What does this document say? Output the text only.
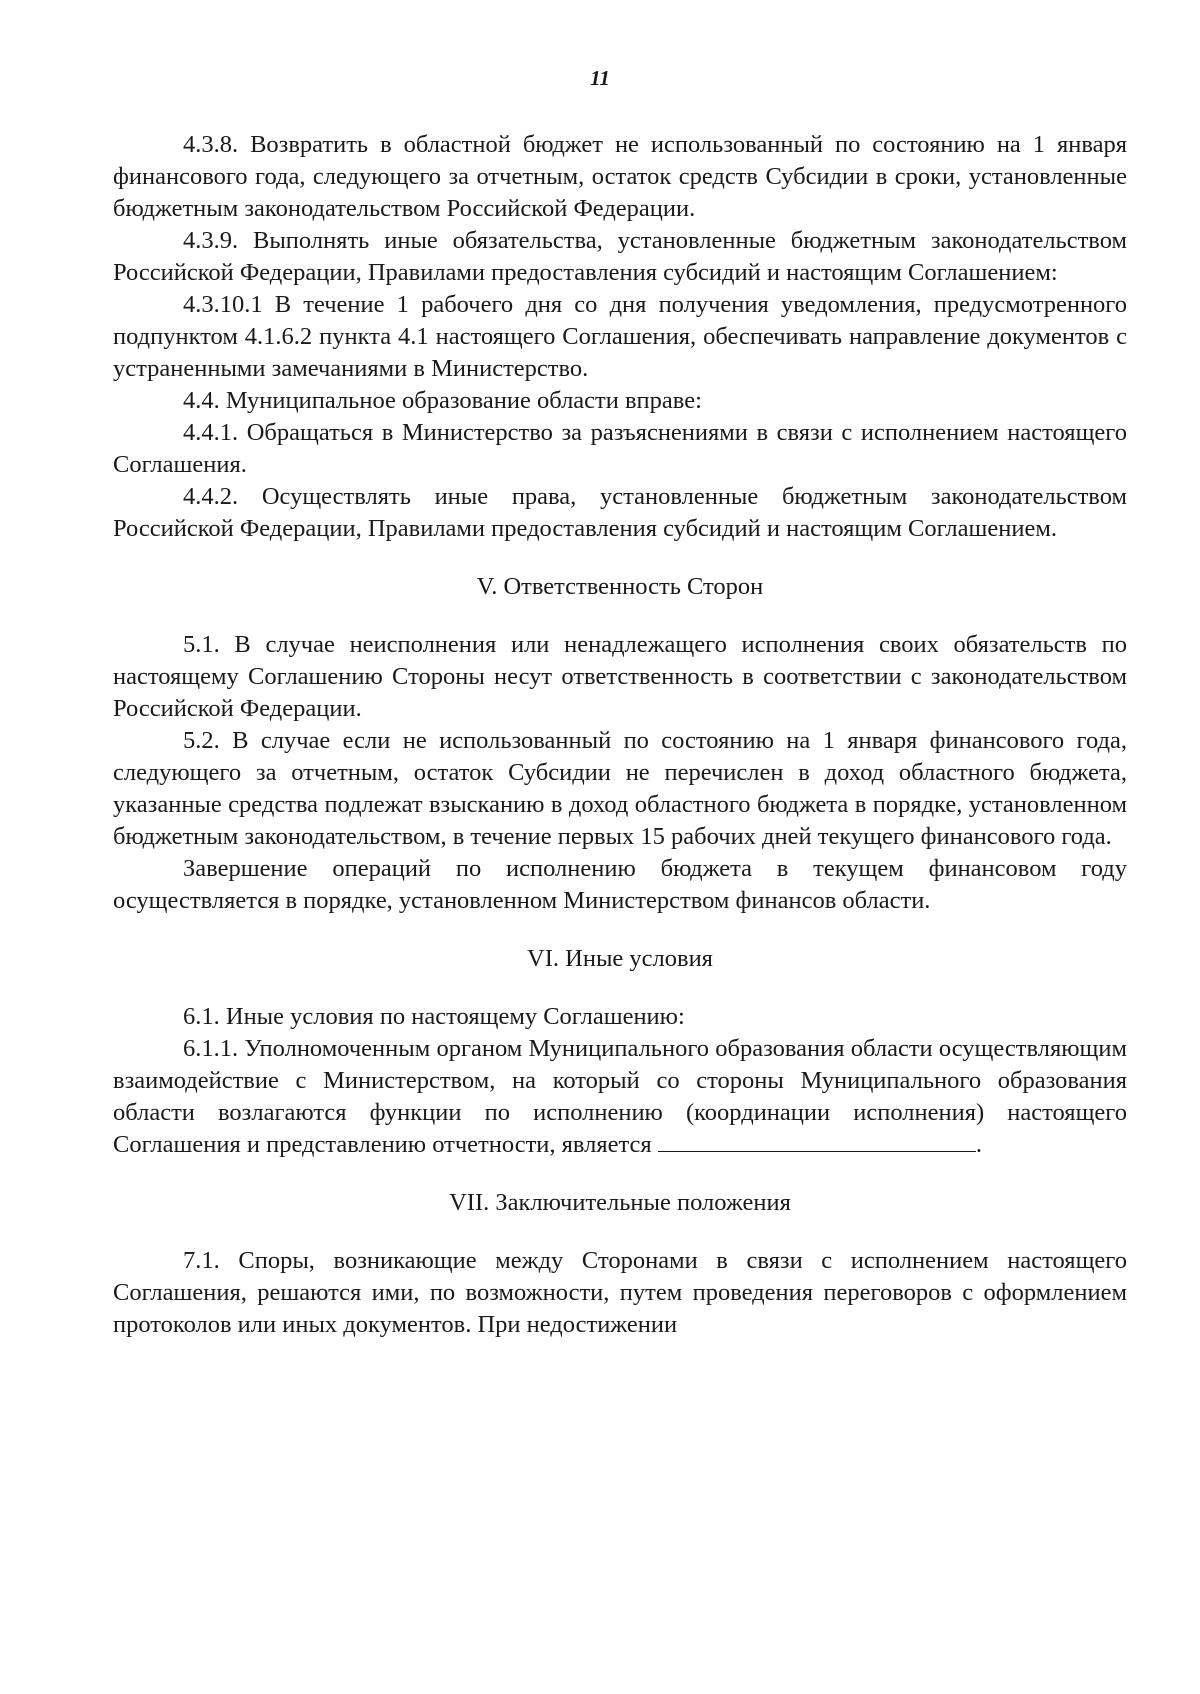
11

4.3.8. Возвратить в областной бюджет не использованный по состоянию на 1 января финансового года, следующего за отчетным, остаток средств Субсидии в сроки, установленные бюджетным законодательством Российской Федерации.

4.3.9. Выполнять иные обязательства, установленные бюджетным законодательством Российской Федерации, Правилами предоставления субсидий и настоящим Соглашением:

4.3.10.1 В течение 1 рабочего дня со дня получения уведомления, предусмотренного подпунктом 4.1.6.2 пункта 4.1 настоящего Соглашения, обеспечивать направление документов с устраненными замечаниями в Министерство.

4.4. Муниципальное образование области вправе:

4.4.1. Обращаться в Министерство за разъяснениями в связи с исполнением настоящего Соглашения.

4.4.2. Осуществлять иные права, установленные бюджетным законодательством Российской Федерации, Правилами предоставления субсидий и настоящим Соглашением.

V. Ответственность Сторон

5.1. В случае неисполнения или ненадлежащего исполнения своих обязательств по настоящему Соглашению Стороны несут ответственность в соответствии с законодательством Российской Федерации.

5.2. В случае если не использованный по состоянию на 1 января финансового года, следующего за отчетным, остаток Субсидии не перечислен в доход областного бюджета, указанные средства подлежат взысканию в доход областного бюджета в порядке, установленном бюджетным законодательством, в течение первых 15 рабочих дней текущего финансового года.

Завершение операций по исполнению бюджета в текущем финансовом году осуществляется в порядке, установленном Министерством финансов области.

VI. Иные условия

6.1. Иные условия по настоящему Соглашению:

6.1.1. Уполномоченным органом Муниципального образования области осуществляющим взаимодействие с Министерством, на который со стороны Муниципального образования области возлагаются функции по исполнению (координации исполнения) настоящего Соглашения и представлению отчетности, является	.

VII. Заключительные положения

7.1. Споры, возникающие между Сторонами в связи с исполнением настоящего Соглашения, решаются ими, по возможности, путем проведения переговоров с оформлением протоколов или иных документов. При недостижении
